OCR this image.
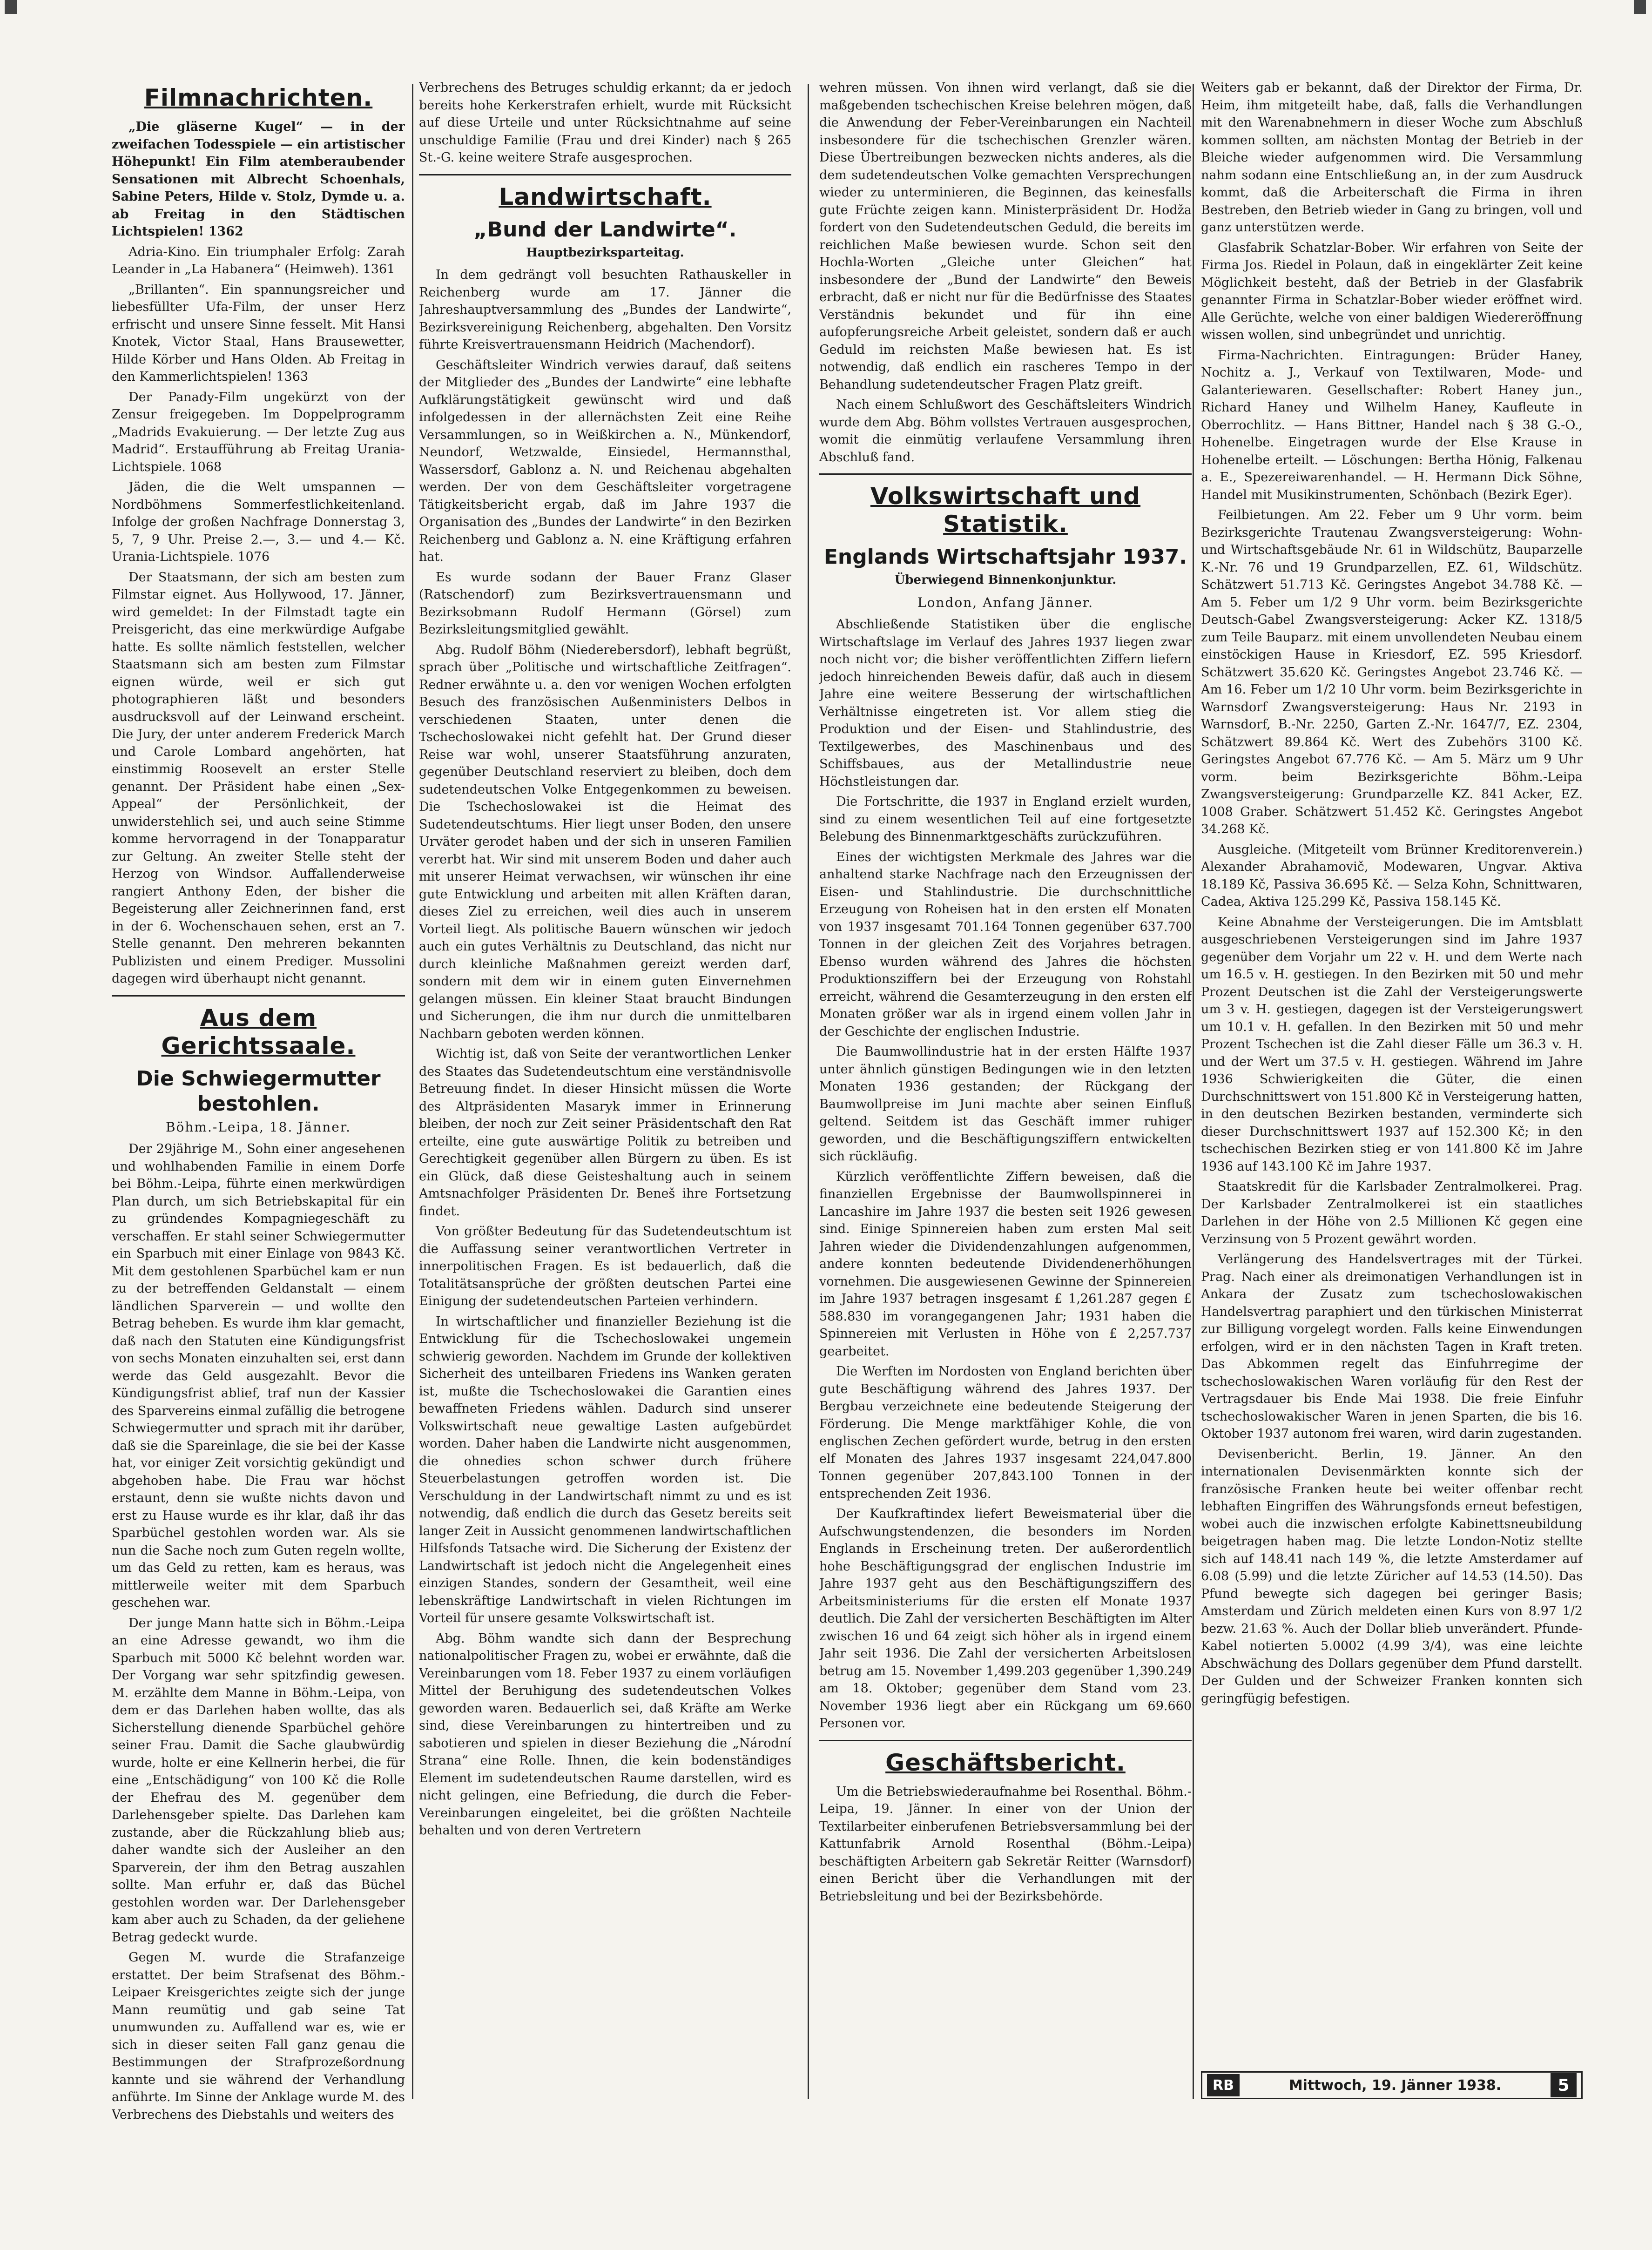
Filmnachrichten.

„Die gläserne Kugel“ — in der zweifachen Todesspiele — ein artistischer Höhepunkt! Ein Film atemberaubender Sensationen mit Albrecht Schoenhals, Sabine Peters, Hilde v. Stolz, Dymde u. a. ab Freitag in den Städtischen Lichtspielen! 1362

Adria-Kino. Ein triumphaler Erfolg: Zarah Leander in „La Habanera“ (Heimweh). 1361

„Brillanten“. Ein spannungsreicher und liebesfüllter Ufa-Film, der unser Herz erfrischt und unsere Sinne fesselt. Mit Hansi Knotek, Victor Staal, Hans Brausewetter, Hilde Körber und Hans Olden. Ab Freitag in den Kammerlichtspielen! 1363

Der Panady-Film ungekürzt von der Zensur freigegeben. Im Doppelprogramm „Madrids Evakuierung. — Der letzte Zug aus Madrid“. Erstaufführung ab Freitag Urania-Lichtspiele. 1068

Jäden, die die Welt umspannen — Nordböhmens Sommerfestlichkeitenland. Infolge der großen Nachfrage Donnerstag 3, 5, 7, 9 Uhr. Preise 2.—, 3.— und 4.— Kč. Urania-Lichtspiele. 1076

Der Staatsmann, der sich am besten zum Filmstar eignet. Aus Hollywood, 17. Jänner, wird gemeldet: In der Filmstadt tagte ein Preisgericht, das eine merkwürdige Aufgabe hatte. Es sollte nämlich feststellen, welcher Staatsmann sich am besten zum Filmstar eignen würde, weil er sich gut photographieren läßt und besonders ausdrucksvoll auf der Leinwand erscheint. Die Jury, der unter anderem Frederick March und Carole Lombard angehörten, hat einstimmig Roosevelt an erster Stelle genannt. Der Präsident habe einen „Sex-Appeal“ der Persönlichkeit, der unwiderstehlich sei, und auch seine Stimme komme hervorragend in der Tonapparatur zur Geltung. An zweiter Stelle steht der Herzog von Windsor. Auffallenderweise rangiert Anthony Eden, der bisher die Begeisterung aller Zeichnerinnen fand, erst in der 6. Wochenschauen sehen, erst an 7. Stelle genannt. Den mehreren bekannten Publizisten und einem Prediger. Mussolini dagegen wird überhaupt nicht genannt.

Aus dem Gerichtssaale.
Die Schwiegermutter bestohlen.
Böhm.-Leipa, 18. Jänner.

Der 29jährige M., Sohn einer angesehenen und wohlhabenden Familie in einem Dorfe bei Böhm.-Leipa, führte einen merkwürdigen Plan durch, um sich Betriebskapital für ein zu gründendes Kompagniegeschäft zu verschaffen. Er stahl seiner Schwiegermutter ein Sparbuch mit einer Einlage von 9843 Kč. Mit dem gestohlenen Sparbüchel kam er nun zu der betreffenden Geldanstalt — einem ländlichen Sparverein — und wollte den Betrag beheben. Es wurde ihm klar gemacht, daß nach den Statuten eine Kündigungsfrist von sechs Monaten einzuhalten sei, erst dann werde das Geld ausgezahlt. Bevor die Kündigungsfrist ablief, traf nun der Kassier des Sparvereins einmal zufällig die betrogene Schwiegermutter und sprach mit ihr darüber, daß sie die Spareinlage, die sie bei der Kasse hat, vor einiger Zeit vorsichtig gekündigt und abgehoben habe. Die Frau war höchst erstaunt, denn sie wußte nichts davon und erst zu Hause wurde es ihr klar, daß ihr das Sparbüchel gestohlen worden war. Als sie nun die Sache noch zum Guten regeln wollte, um das Geld zu retten, kam es heraus, was mittlerweile weiter mit dem Sparbuch geschehen war.

Der junge Mann hatte sich in Böhm.-Leipa an eine Adresse gewandt, wo ihm die Sparbuch mit 5000 Kč belehnt worden war. Der Vorgang war sehr spitzfindig gewesen. M. erzählte dem Manne in Böhm.-Leipa, von dem er das Darlehen haben wollte, das als Sicherstellung dienende Sparbüchel gehöre seiner Frau. Damit die Sache glaubwürdig wurde, holte er eine Kellnerin herbei, die für eine „Entschädigung“ von 100 Kč die Rolle der Ehefrau des M. gegenüber dem Darlehensgeber spielte. Das Darlehen kam zustande, aber die Rückzahlung blieb aus; daher wandte sich der Ausleiher an den Sparverein, der ihm den Betrag auszahlen sollte. Man erfuhr er, daß das Büchel gestohlen worden war. Der Darlehensgeber kam aber auch zu Schaden, da der geliehene Betrag gedeckt wurde.

Gegen M. wurde die Strafanzeige erstattet. Der beim Strafsenat des Böhm.-Leipaer Kreisgerichtes zeigte sich der junge Mann reumütig und gab seine Tat unumwunden zu. Auffallend war es, wie er sich in dieser seiten Fall ganz genau die Bestimmungen der Strafprozeßordnung kannte und sie während der Verhandlung anführte. Im Sinne der Anklage wurde M. des Verbrechens des Diebstahls und weiters des

Verbrechens des Betruges schuldig erkannt; da er jedoch bereits hohe Kerkerstrafen erhielt, wurde mit Rücksicht auf diese Urteile und unter Rücksichtnahme auf seine unschuldige Familie (Frau und drei Kinder) nach § 265 St.-G. keine weitere Strafe ausgesprochen.

Landwirtschaft.
„Bund der Landwirte“.
Hauptbezirksparteitag.

In dem gedrängt voll besuchten Rathauskeller in Reichenberg wurde am 17. Jänner die Jahreshauptversammlung des „Bundes der Landwirte“, Bezirksvereinigung Reichenberg, abgehalten. Den Vorsitz führte Kreisvertrauensmann Heidrich (Machendorf).

Geschäftsleiter Windrich verwies darauf, daß seitens der Mitglieder des „Bundes der Landwirte“ eine lebhafte Aufklärungstätigkeit gewünscht wird und daß infolgedessen in der allernächsten Zeit eine Reihe Versammlungen, so in Weißkirchen a. N., Münkendorf, Neundorf, Wetzwalde, Einsiedel, Hermannsthal, Wassersdorf, Gablonz a. N. und Reichenau abgehalten werden. Der von dem Geschäftsleiter vorgetragene Tätigkeitsbericht ergab, daß im Jahre 1937 die Organisation des „Bundes der Landwirte“ in den Bezirken Reichenberg und Gablonz a. N. eine Kräftigung erfahren hat.

Es wurde sodann der Bauer Franz Glaser (Ratschendorf) zum Bezirksvertrauensmann und Bezirksobmann Rudolf Hermann (Görsel) zum Bezirksleitungsmitglied gewählt.

Abg. Rudolf Böhm (Niederebersdorf), lebhaft begrüßt, sprach über „Politische und wirtschaftliche Zeitfragen“. Redner erwähnte u. a. den vor wenigen Wochen erfolgten Besuch des französischen Außenministers Delbos in verschiedenen Staaten, unter denen die Tschechoslowakei nicht gefehlt hat. Der Grund dieser Reise war wohl, unserer Staatsführung anzuraten, gegenüber Deutschland reserviert zu bleiben, doch dem sudetendeutschen Volke Entgegenkommen zu beweisen. Die Tschechoslowakei ist die Heimat des Sudetendeutschtums. Hier liegt unser Boden, den unsere Urväter gerodet haben und der sich in unseren Familien vererbt hat. Wir sind mit unserem Boden und daher auch mit unserer Heimat verwachsen, wir wünschen ihr eine gute Entwicklung und arbeiten mit allen Kräften daran, dieses Ziel zu erreichen, weil dies auch in unserem Vorteil liegt. Als politische Bauern wünschen wir jedoch auch ein gutes Verhältnis zu Deutschland, das nicht nur durch kleinliche Maßnahmen gereizt werden darf, sondern mit dem wir in einem guten Einvernehmen gelangen müssen. Ein kleiner Staat braucht Bindungen und Sicherungen, die ihm nur durch die unmittelbaren Nachbarn geboten werden können.

Wichtig ist, daß von Seite der verantwortlichen Lenker des Staates das Sudetendeutschtum eine verständnisvolle Betreuung findet. In dieser Hinsicht müssen die Worte des Altpräsidenten Masaryk immer in Erinnerung bleiben, der noch zur Zeit seiner Präsidentschaft den Rat erteilte, eine gute auswärtige Politik zu betreiben und Gerechtigkeit gegenüber allen Bürgern zu üben. Es ist ein Glück, daß diese Geisteshaltung auch in seinem Amtsnachfolger Präsidenten Dr. Beneš ihre Fortsetzung findet.

Von größter Bedeutung für das Sudetendeutschtum ist die Auffassung seiner verantwortlichen Vertreter in innerpolitischen Fragen. Es ist bedauerlich, daß die Totalitätsansprüche der größten deutschen Partei eine Einigung der sudetendeutschen Parteien verhindern.

In wirtschaftlicher und finanzieller Beziehung ist die Entwicklung für die Tschechoslowakei ungemein schwierig geworden. Nachdem im Grunde der kollektiven Sicherheit des unteilbaren Friedens ins Wanken geraten ist, mußte die Tschechoslowakei die Garantien eines bewaffneten Friedens wählen. Dadurch sind unserer Volkswirtschaft neue gewaltige Lasten aufgebürdet worden. Daher haben die Landwirte nicht ausgenommen, die ohnedies schon schwer durch frühere Steuerbelastungen getroffen worden ist. Die Verschuldung in der Landwirtschaft nimmt zu und es ist notwendig, daß endlich die durch das Gesetz bereits seit langer Zeit in Aussicht genommenen landwirtschaftlichen Hilfsfonds Tatsache wird. Die Sicherung der Existenz der Landwirtschaft ist jedoch nicht die Angelegenheit eines einzigen Standes, sondern der Gesamtheit, weil eine lebenskräftige Landwirtschaft in vielen Richtungen im Vorteil für unsere gesamte Volkswirtschaft ist.

Abg. Böhm wandte sich dann der Besprechung nationalpolitischer Fragen zu, wobei er erwähnte, daß die Vereinbarungen vom 18. Feber 1937 zu einem vorläufigen Mittel der Beruhigung des sudetendeutschen Volkes geworden waren. Bedauerlich sei, daß Kräfte am Werke sind, diese Vereinbarungen zu hintertreiben und zu sabotieren und spielen in dieser Beziehung die „Národní Strana“ eine Rolle. Ihnen, die kein bodenständiges Element im sudetendeutschen Raume darstellen, wird es nicht gelingen, eine Befriedung, die durch die Feber-Vereinbarungen eingeleitet, bei die größten Nachteile behalten und von deren Vertretern

wehren müssen. Von ihnen wird verlangt, daß sie die maßgebenden tschechischen Kreise belehren mögen, daß die Anwendung der Feber-Vereinbarungen ein Nachteil insbesondere für die tschechischen Grenzler wären. Diese Übertreibungen bezwecken nichts anderes, als die dem sudetendeutschen Volke gemachten Versprechungen wieder zu unterminieren, die Beginnen, das keinesfalls gute Früchte zeigen kann. Ministerpräsident Dr. Hodža fordert von den Sudetendeutschen Geduld, die bereits im reichlichen Maße bewiesen wurde. Schon seit den Hochla-Worten „Gleiche unter Gleichen“ hat insbesondere der „Bund der Landwirte“ den Beweis erbracht, daß er nicht nur für die Bedürfnisse des Staates Verständnis bekundet und für ihn eine aufopferungsreiche Arbeit geleistet, sondern daß er auch Geduld im reichsten Maße bewiesen hat. Es ist notwendig, daß endlich ein rascheres Tempo in der Behandlung sudetendeutscher Fragen Platz greift.

Nach einem Schlußwort des Geschäftsleiters Windrich wurde dem Abg. Böhm vollstes Vertrauen ausgesprochen, womit die einmütig verlaufene Versammlung ihren Abschluß fand.

Volkswirtschaft und Statistik.
Englands Wirtschaftsjahr 1937.
Überwiegend Binnenkonjunktur.
London, Anfang Jänner.

Abschließende Statistiken über die englische Wirtschaftslage im Verlauf des Jahres 1937 liegen zwar noch nicht vor; die bisher veröffentlichten Ziffern liefern jedoch hinreichenden Beweis dafür, daß auch in diesem Jahre eine weitere Besserung der wirtschaftlichen Verhältnisse eingetreten ist. Vor allem stieg die Produktion und der Eisen- und Stahlindustrie, des Textilgewerbes, des Maschinenbaus und des Schiffsbaues, aus der Metallindustrie neue Höchstleistungen dar.

Die Fortschritte, die 1937 in England erzielt wurden, sind zu einem wesentlichen Teil auf eine fortgesetzte Belebung des Binnenmarktgeschäfts zurückzuführen.

Eines der wichtigsten Merkmale des Jahres war die anhaltend starke Nachfrage nach den Erzeugnissen der Eisen- und Stahlindustrie. Die durchschnittliche Erzeugung von Roheisen hat in den ersten elf Monaten von 1937 insgesamt 701.164 Tonnen gegenüber 637.700 Tonnen in der gleichen Zeit des Vorjahres betragen. Ebenso wurden während des Jahres die höchsten Produktionsziffern bei der Erzeugung von Rohstahl erreicht, während die Gesamterzeugung in den ersten elf Monaten größer war als in irgend einem vollen Jahr in der Geschichte der englischen Industrie.

Die Baumwollindustrie hat in der ersten Hälfte 1937 unter ähnlich günstigen Bedingungen wie in den letzten Monaten 1936 gestanden; der Rückgang der Baumwollpreise im Juni machte aber seinen Einfluß geltend. Seitdem ist das Geschäft immer ruhiger geworden, und die Beschäftigungsziffern entwickelten sich rückläufig.

Kürzlich veröffentlichte Ziffern beweisen, daß die finanziellen Ergebnisse der Baumwollspinnerei in Lancashire im Jahre 1937 die besten seit 1926 gewesen sind. Einige Spinnereien haben zum ersten Mal seit Jahren wieder die Dividendenzahlungen aufgenommen, andere konnten bedeutende Dividendenerhöhungen vornehmen. Die ausgewiesenen Gewinne der Spinnereien im Jahre 1937 betragen insgesamt £ 1,261.287 gegen £ 588.830 im vorangegangenen Jahr; 1931 haben die Spinnereien mit Verlusten in Höhe von £ 2,257.737 gearbeitet.

Die Werften im Nordosten von England berichten über gute Beschäftigung während des Jahres 1937. Der Bergbau verzeichnete eine bedeutende Steigerung der Förderung. Die Menge marktfähiger Kohle, die von englischen Zechen gefördert wurde, betrug in den ersten elf Monaten des Jahres 1937 insgesamt 224,047.800 Tonnen gegenüber 207,843.100 Tonnen in der entsprechenden Zeit 1936.

Der Kaufkraftindex liefert Beweismaterial über die Aufschwungstendenzen, die besonders im Norden Englands in Erscheinung treten. Der außerordentlich hohe Beschäftigungsgrad der englischen Industrie im Jahre 1937 geht aus den Beschäftigungsziffern des Arbeitsministeriums für die ersten elf Monate 1937 deutlich. Die Zahl der versicherten Beschäftigten im Alter zwischen 16 und 64 zeigt sich höher als in irgend einem Jahr seit 1936. Die Zahl der versicherten Arbeitslosen betrug am 15. November 1,499.203 gegenüber 1,390.249 am 18. Oktober; gegenüber dem Stand vom 23. November 1936 liegt aber ein Rückgang um 69.660 Personen vor.

Geschäftsbericht.

Um die Betriebswiederaufnahme bei Rosenthal. Böhm.-Leipa, 19. Jänner. In einer von der Union der Textilarbeiter einberufenen Betriebsversammlung bei der Kattunfabrik Arnold Rosenthal (Böhm.-Leipa) beschäftigten Arbeitern gab Sekretär Reitter (Warnsdorf) einen Bericht über die Verhandlungen mit der Betriebsleitung und bei der Bezirksbehörde.

Weiters gab er bekannt, daß der Direktor der Firma, Dr. Heim, ihm mitgeteilt habe, daß, falls die Verhandlungen mit den Warenabnehmern in dieser Woche zum Abschluß kommen sollten, am nächsten Montag der Betrieb in der Bleiche wieder aufgenommen wird. Die Versammlung nahm sodann eine Entschließung an, in der zum Ausdruck kommt, daß die Arbeiterschaft die Firma in ihren Bestreben, den Betrieb wieder in Gang zu bringen, voll und ganz unterstützen werde.

Glasfabrik Schatzlar-Bober. Wir erfahren von Seite der Firma Jos. Riedel in Polaun, daß in eingeklärter Zeit keine Möglichkeit besteht, daß der Betrieb in der Glasfabrik genannter Firma in Schatzlar-Bober wieder eröffnet wird. Alle Gerüchte, welche von einer baldigen Wiedereröffnung wissen wollen, sind unbegründet und unrichtig.

Firma-Nachrichten. Eintragungen: Brüder Haney, Nochitz a. J., Verkauf von Textilwaren, Mode- und Galanteriewaren. Gesellschafter: Robert Haney jun., Richard Haney und Wilhelm Haney, Kaufleute in Oberrochlitz. — Hans Bittner, Handel nach § 38 G.-O., Hohenelbe. Eingetragen wurde der Else Krause in Hohenelbe erteilt. — Löschungen: Bertha Hönig, Falkenau a. E., Spezereiwarenhandel. — H. Hermann Dick Söhne, Handel mit Musikinstrumenten, Schönbach (Bezirk Eger).

Feilbietungen. Am 22. Feber um 9 Uhr vorm. beim Bezirksgerichte Trautenau Zwangsversteigerung: Wohn- und Wirtschaftsgebäude Nr. 61 in Wildschütz, Bauparzelle K.-Nr. 76 und 19 Grundparzellen, EZ. 61, Wildschütz. Schätzwert 51.713 Kč. Geringstes Angebot 34.788 Kč. — Am 5. Feber um 1/2 9 Uhr vorm. beim Bezirksgerichte Deutsch-Gabel Zwangsversteigerung: Acker KZ. 1318/5 zum Teile Bauparz. mit einem unvollendeten Neubau einem einstöckigen Hause in Kriesdorf, EZ. 595 Kriesdorf. Schätzwert 35.620 Kč. Geringstes Angebot 23.746 Kč. — Am 16. Feber um 1/2 10 Uhr vorm. beim Bezirksgerichte in Warnsdorf Zwangsversteigerung: Haus Nr. 2193 in Warnsdorf, B.-Nr. 2250, Garten Z.-Nr. 1647/7, EZ. 2304, Schätzwert 89.864 Kč. Wert des Zubehörs 3100 Kč. Geringstes Angebot 67.776 Kč. — Am 5. März um 9 Uhr vorm. beim Bezirksgerichte Böhm.-Leipa Zwangsversteigerung: Grundparzelle KZ. 841 Acker, EZ. 1008 Graber. Schätzwert 51.452 Kč. Geringstes Angebot 34.268 Kč.

Ausgleiche. (Mitgeteilt vom Brünner Kreditorenverein.) Alexander Abrahamovič, Modewaren, Ungvar. Aktiva 18.189 Kč, Passiva 36.695 Kč. — Selza Kohn, Schnittwaren, Cadea, Aktiva 125.299 Kč, Passiva 158.145 Kč.

Keine Abnahme der Versteigerungen. Die im Amtsblatt ausgeschriebenen Versteigerungen sind im Jahre 1937 gegenüber dem Vorjahr um 22 v. H. und dem Werte nach um 16.5 v. H. gestiegen. In den Bezirken mit 50 und mehr Prozent Deutschen ist die Zahl der Versteigerungswerte um 3 v. H. gestiegen, dagegen ist der Versteigerungswert um 10.1 v. H. gefallen. In den Bezirken mit 50 und mehr Prozent Tschechen ist die Zahl dieser Fälle um 36.3 v. H. und der Wert um 37.5 v. H. gestiegen. Während im Jahre 1936 Schwierigkeiten die Güter, die einen Durchschnittswert von 151.800 Kč in Versteigerung hatten, in den deutschen Bezirken bestanden, verminderte sich dieser Durchschnittswert 1937 auf 152.300 Kč; in den tschechischen Bezirken stieg er von 141.800 Kč im Jahre 1936 auf 143.100 Kč im Jahre 1937.

Staatskredit für die Karlsbader Zentralmolkerei. Prag. Der Karlsbader Zentralmolkerei ist ein staatliches Darlehen in der Höhe von 2.5 Millionen Kč gegen eine Verzinsung von 5 Prozent gewährt worden.

Verlängerung des Handelsvertrages mit der Türkei. Prag. Nach einer als dreimonatigen Verhandlungen ist in Ankara der Zusatz zum tschechoslowakischen Handelsvertrag paraphiert und den türkischen Ministerrat zur Billigung vorgelegt worden. Falls keine Einwendungen erfolgen, wird er in den nächsten Tagen in Kraft treten. Das Abkommen regelt das Einfuhrregime der tschechoslowakischen Waren vorläufig für den Rest der Vertragsdauer bis Ende Mai 1938. Die freie Einfuhr tschechoslowakischer Waren in jenen Sparten, die bis 16. Oktober 1937 autonom frei waren, wird darin zugestanden.

Devisenbericht. Berlin, 19. Jänner. An den internationalen Devisenmärkten konnte sich der französische Franken heute bei weiter offenbar recht lebhaften Eingriffen des Währungsfonds erneut befestigen, wobei auch die inzwischen erfolgte Kabinettsneubildung beigetragen haben mag. Die letzte London-Notiz stellte sich auf 148.41 nach 149 %, die letzte Amsterdamer auf 6.08 (5.99) und die letzte Züricher auf 14.53 (14.50). Das Pfund bewegte sich dagegen bei geringer Basis; Amsterdam und Zürich meldeten einen Kurs von 8.97 1/2 bezw. 21.63 %. Auch der Dollar blieb unverändert. Pfunde-Kabel notierten 5.0002 (4.99 3/4), was eine leichte Abschwächung des Dollars gegenüber dem Pfund darstellt. Der Gulden und der Schweizer Franken konnten sich geringfügig befestigen.

RB	Mittwoch, 19. Jänner 1938.	5
